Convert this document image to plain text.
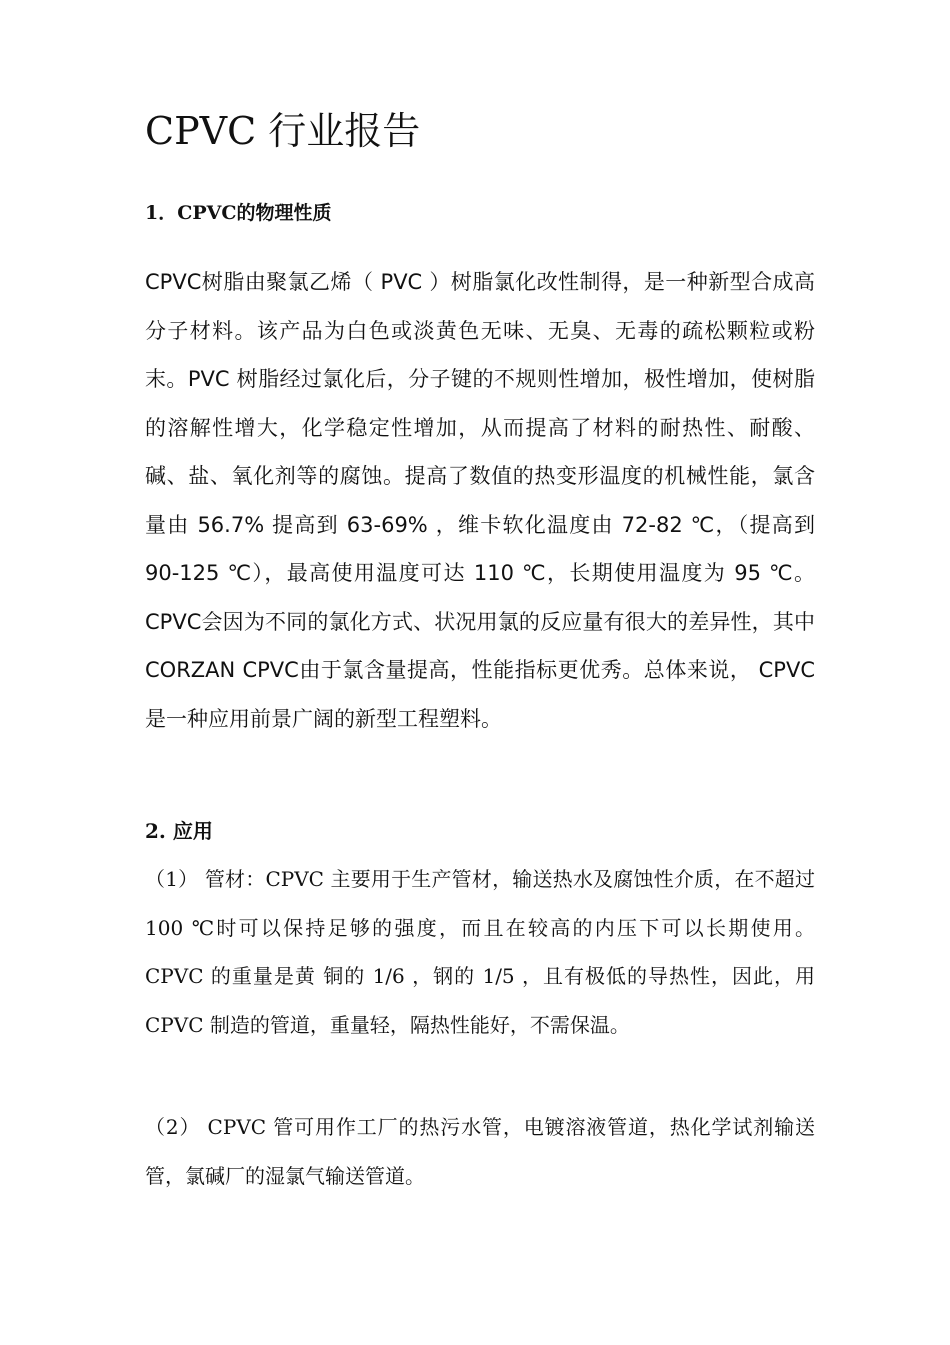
CPVC 行业报告
1．CPVC的物理性质

CPVC树脂由聚氯乙烯（ PVC ）树脂氯化改性制得，是一种新型合成高分子材料。该产品为白色或淡黄色无味、无臭、无毒的疏松颗粒或粉末。PVC 树脂经过氯化后，分子键的不规则性增加，极性增加，使树脂的溶解性增大，化学稳定性增加，从而提高了材料的耐热性、耐酸、碱、盐、氧化剂等的腐蚀。提高了数值的热变形温度的机械性能，氯含量由 56.7% 提高到 63-69% ，维卡软化温度由 72-82 ℃，（提高到 90-125 ℃），最高使用温度可达 110 ℃，长期使用温度为 95 ℃。CPVC会因为不同的氯化方式、状况用氯的反应量有很大的差异性，其中CORZAN CPVC由于氯含量提高，性能指标更优秀。总体来说， CPVC 是一种应用前景广阔的新型工程塑料。

2. 应用

（1） 管材：CPVC 主要用于生产管材，输送热水及腐蚀性介质，在不超过 100 ℃时可以保持足够的强度，而且在较高的内压下可以长期使用。 CPVC 的重量是黄 铜的 1/6 ，钢的 1/5 ，且有极低的导热性，因此，用 CPVC 制造的管道，重量轻，隔热性能好，不需保温。

（2） CPVC 管可用作工厂的热污水管，电镀溶液管道，热化学试剂输送管，氯碱厂的湿氯气输送管道。
